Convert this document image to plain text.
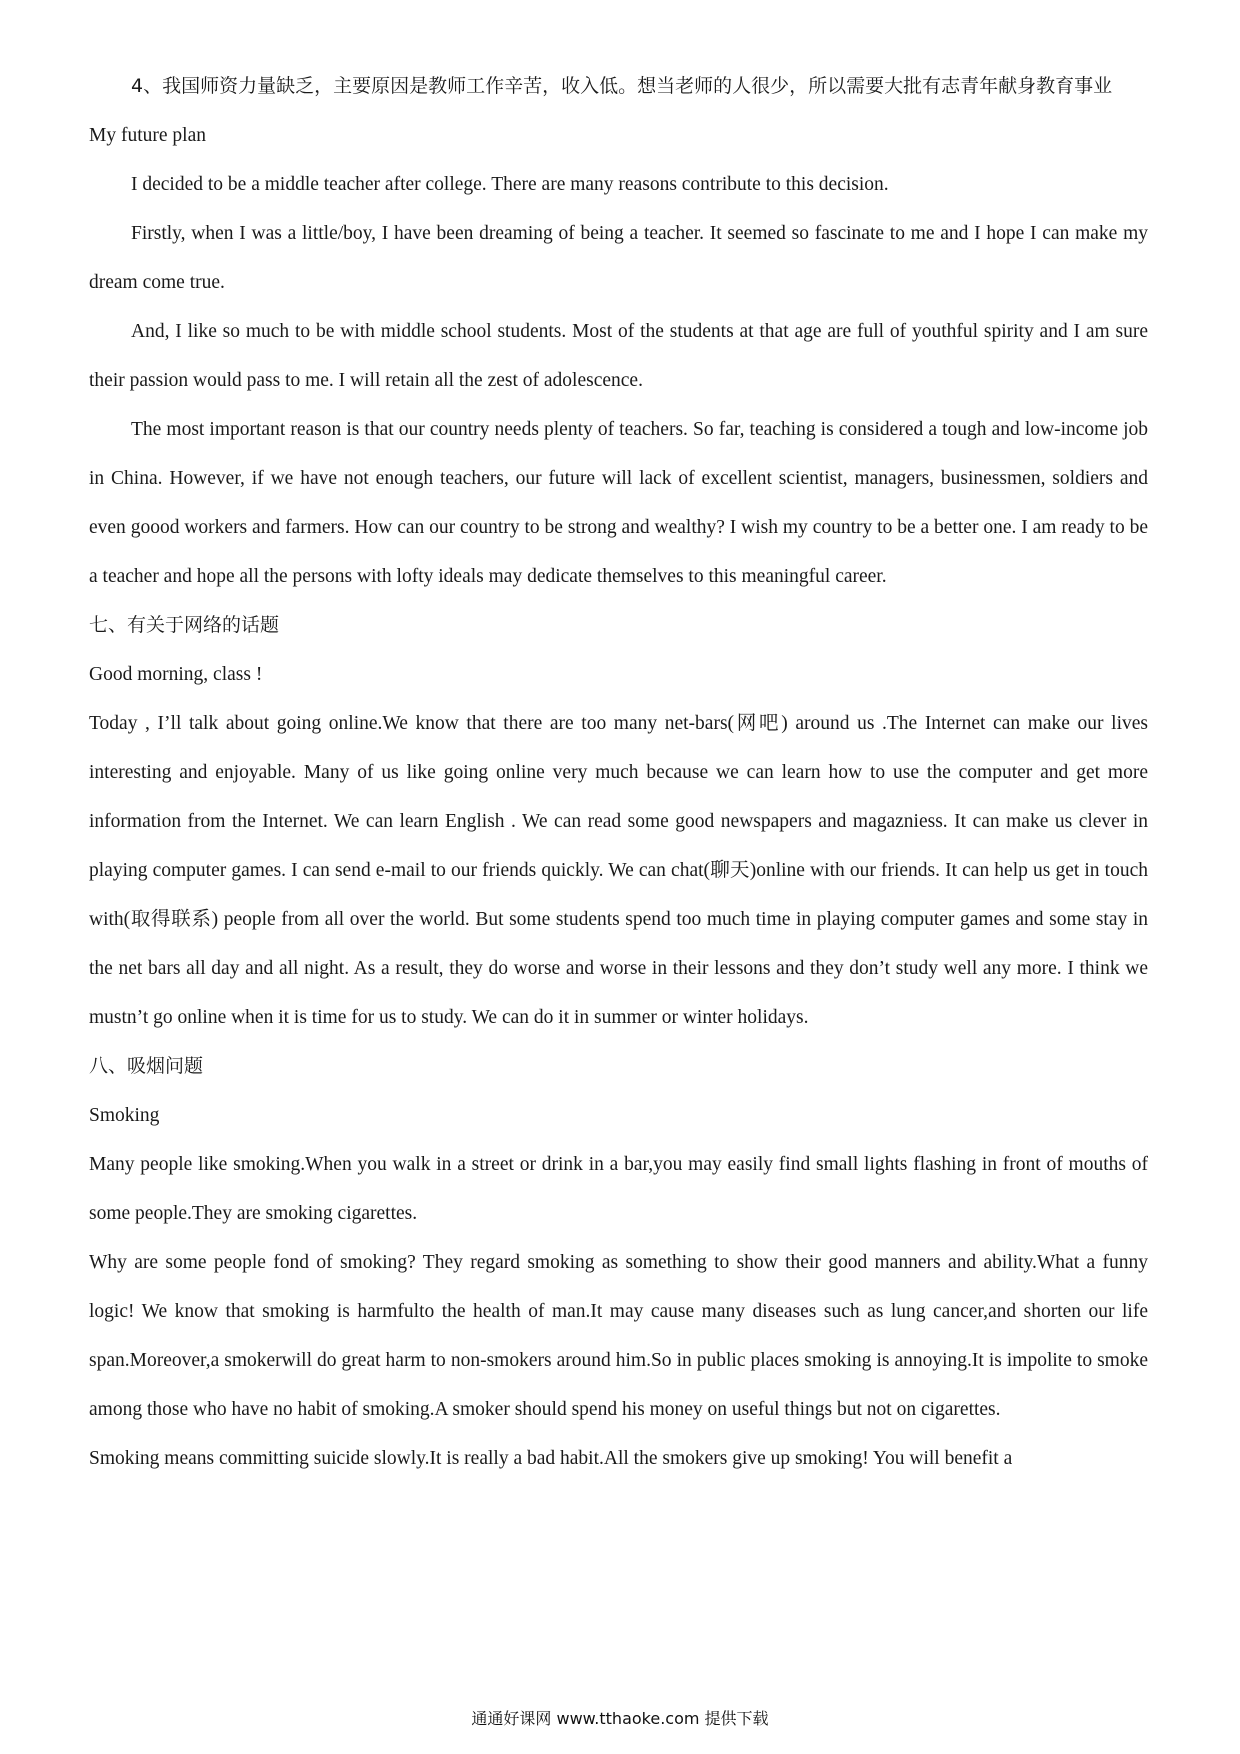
4、我国师资力量缺乏，主要原因是教师工作辛苦，收入低。想当老师的人很少，所以需要大批有志青年献身教育事业

My future plan

I decided to be a middle teacher after college. There are many reasons contribute to this decision.

Firstly, when I was a little/boy, I have been dreaming of being a teacher. It seemed so fascinate to me and I hope I can make my dream come true.

And, I like so much to be with middle school students. Most of the students at that age are full of youthful spirity and I am sure their passion would pass to me. I will retain all the zest of adolescence.

The most important reason is that our country needs plenty of teachers. So far, teaching is considered a tough and low-income job in China. However, if we have not enough teachers, our future will lack of excellent scientist, managers, businessmen, soldiers and even goood workers and farmers. How can our country to be strong and wealthy? I wish my country to be a better one. I am ready to be a teacher and hope all the persons with lofty ideals may dedicate themselves to this meaningful career.

七、有关于网络的话题

Good morning, class !

Today , I’ll talk about going online.We know that there are too many net-bars(网吧) around us .The Internet can make our lives interesting and enjoyable. Many of us like going online very much because we can learn how to use the computer and get more information from the Internet. We can learn English . We can read some good newspapers and magazniess. It can make us clever in playing computer games. I can send e-mail to our friends quickly. We can chat(聊天)online with our friends. It can help us get in touch with(取得联系) people from all over the world. But some students spend too much time in playing computer games and some stay in the net bars all day and all night. As a result, they do worse and worse in their lessons and they don’t study well any more. I think we mustn’t go online when it is time for us to study. We can do it in summer or winter holidays.

八、吸烟问题

Smoking

Many people like smoking.When you walk in a street or drink in a bar,you may easily find small lights flashing in front of mouths of some people.They are smoking cigarettes.

Why are some people fond of smoking? They regard smoking as something to show their good manners and ability.What a funny logic! We know that smoking is harmfulto the health of man.It may cause many diseases such as lung cancer,and shorten our life span.Moreover,a smokerwill do great harm to non-smokers around him.So in public places smoking is annoying.It is impolite to smoke among those who have no habit of smoking.A smoker should spend his money on useful things but not on cigarettes.

Smoking means committing suicide slowly.It is really a bad habit.All the smokers give up smoking! You will benefit a

通通好课网 www.tthaoke.com 提供下载
